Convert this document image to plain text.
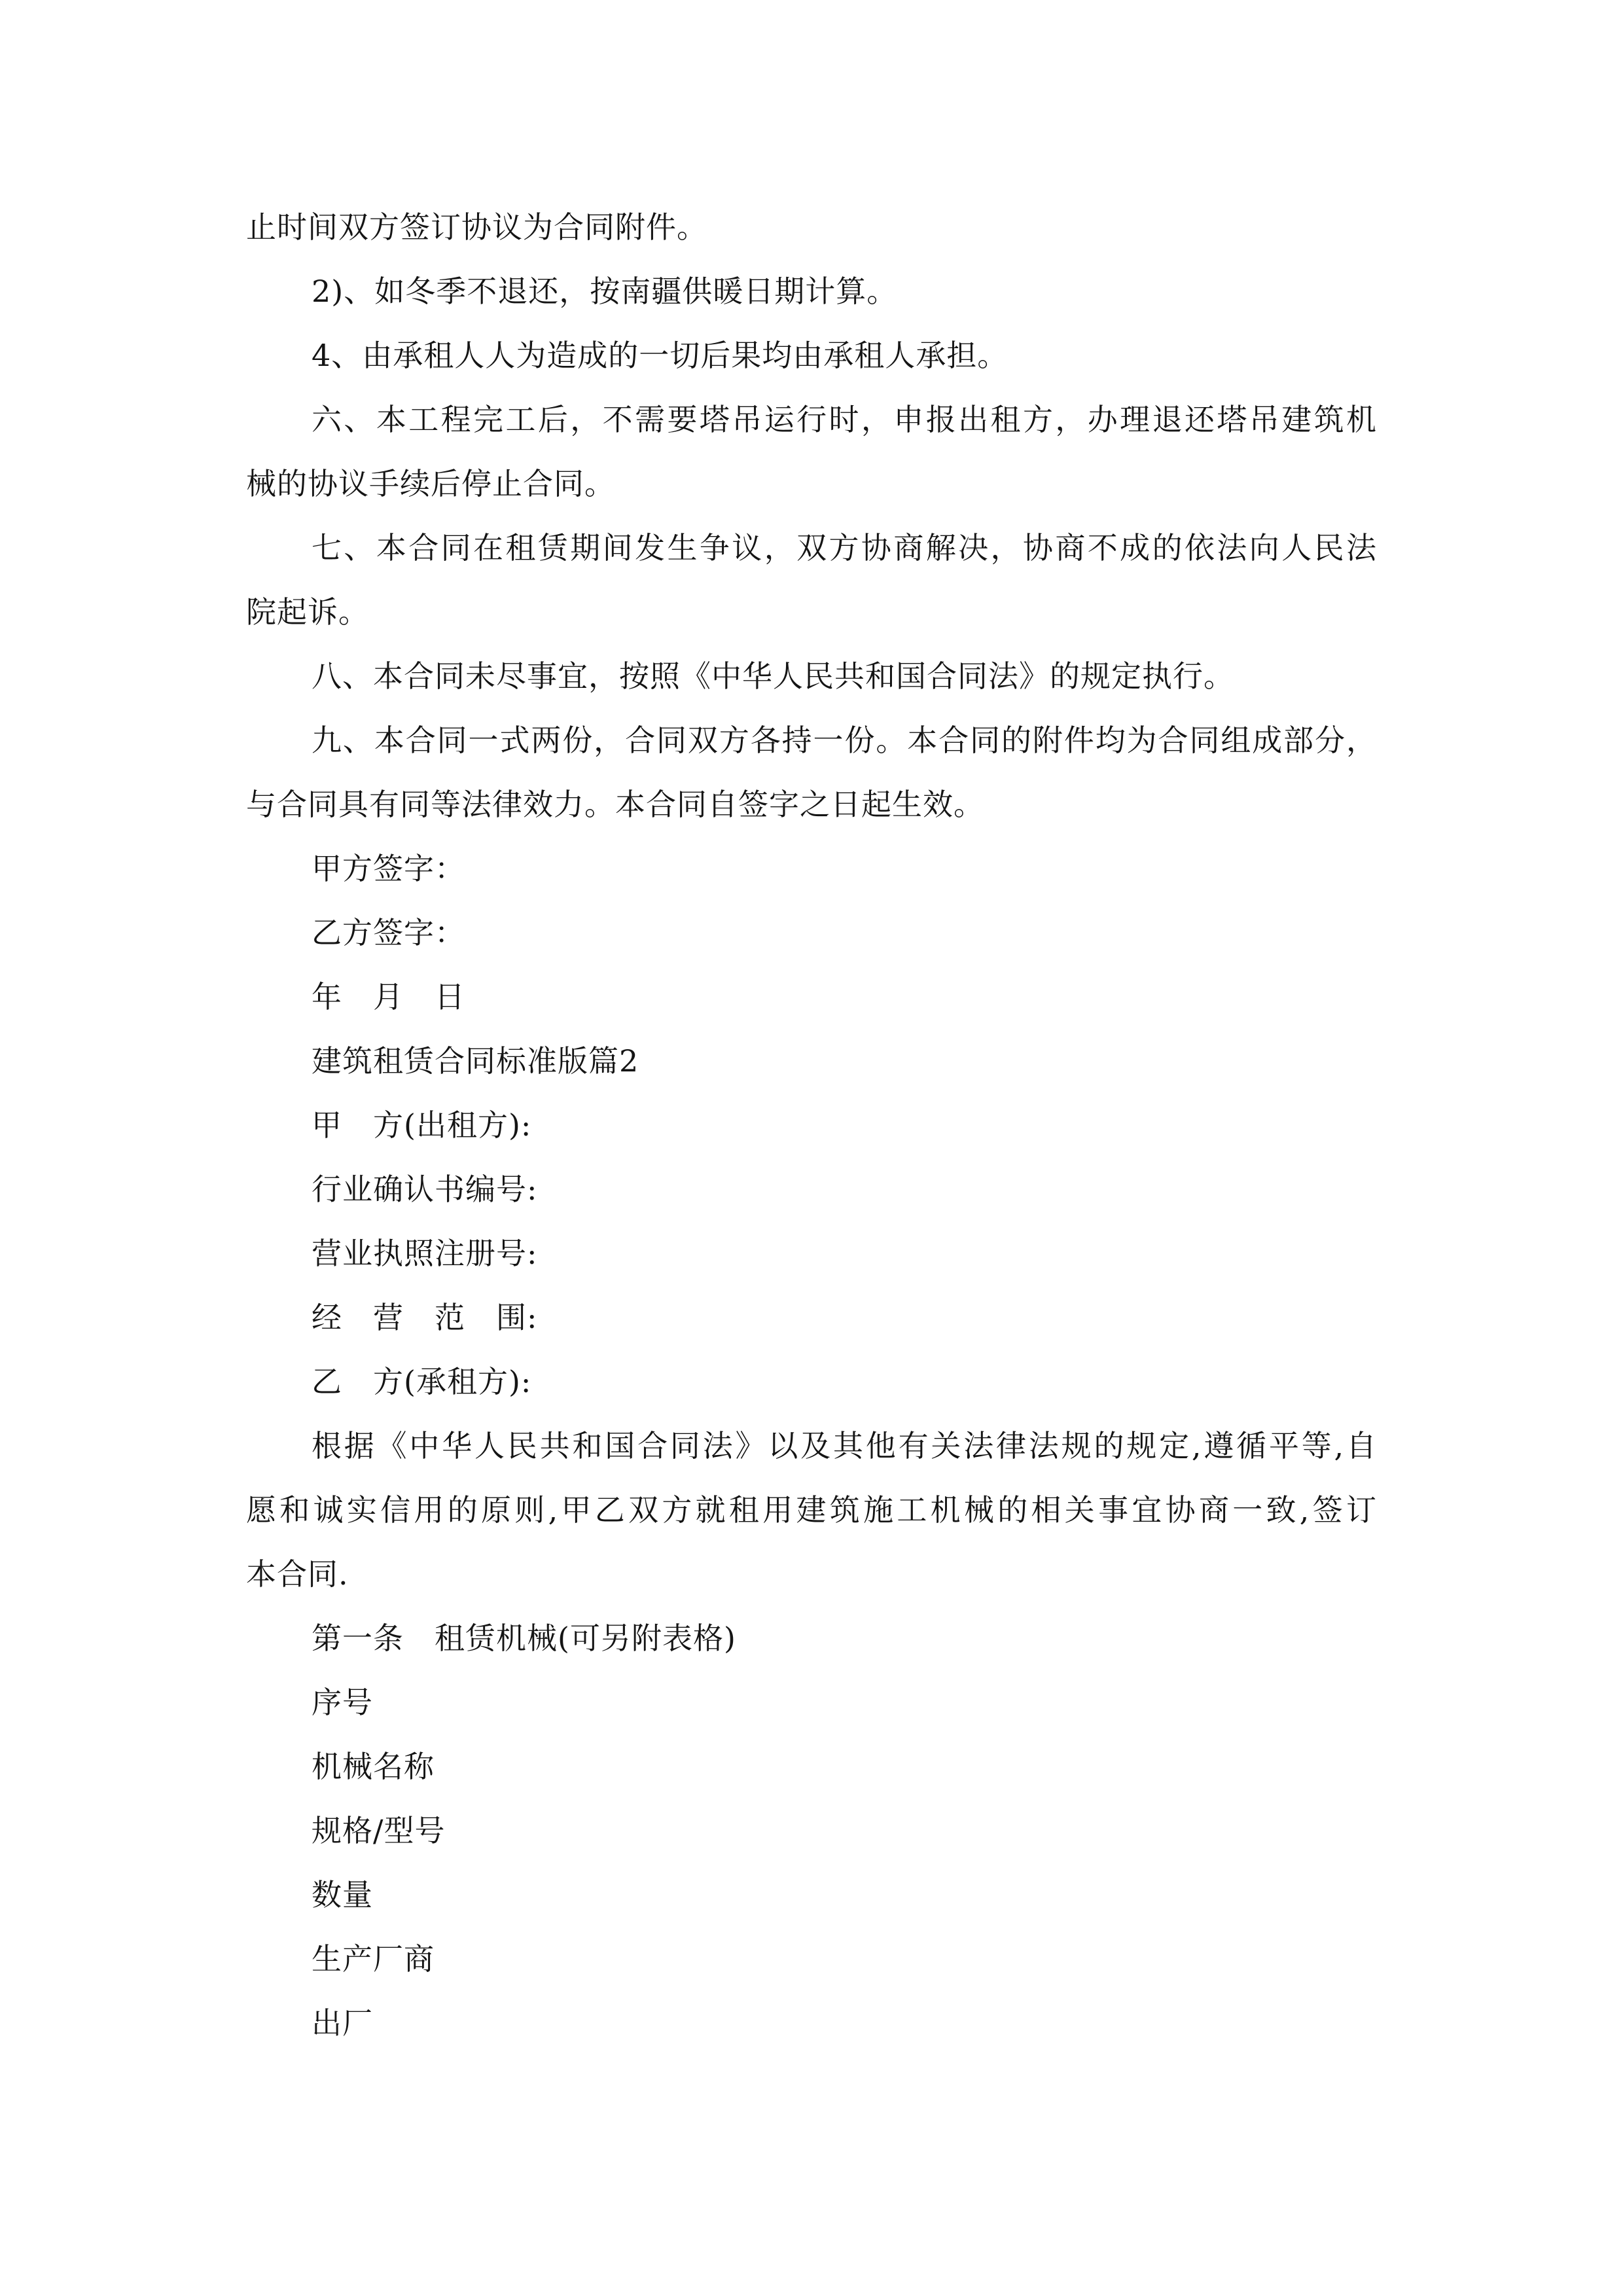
止时间双方签订协议为合同附件。
2)、如冬季不退还，按南疆供暖日期计算。
4、由承租人人为造成的一切后果均由承租人承担。
六、本工程完工后，不需要塔吊运行时，申报出租方，办理退还塔吊建筑机
械的协议手续后停止合同。
七、本合同在租赁期间发生争议，双方协商解决，协商不成的依法向人民法
院起诉。
八、本合同未尽事宜，按照《中华人民共和国合同法》的规定执行。
九、本合同一式两份，合同双方各持一份。本合同的附件均为合同组成部分，
与合同具有同等法律效力。本合同自签字之日起生效。
甲方签字：
乙方签字：
年　月　日
建筑租赁合同标准版篇2
甲　方(出租方):
行业确认书编号:
营业执照注册号:
经　营　范　围:
乙　方(承租方):
根据《中华人民共和国合同法》以及其他有关法律法规的规定,遵循平等,自
愿和诚实信用的原则,甲乙双方就租用建筑施工机械的相关事宜协商一致,签订
本合同.
第一条　租赁机械(可另附表格)
序号
机械名称
规格/型号
数量
生产厂商
出厂
